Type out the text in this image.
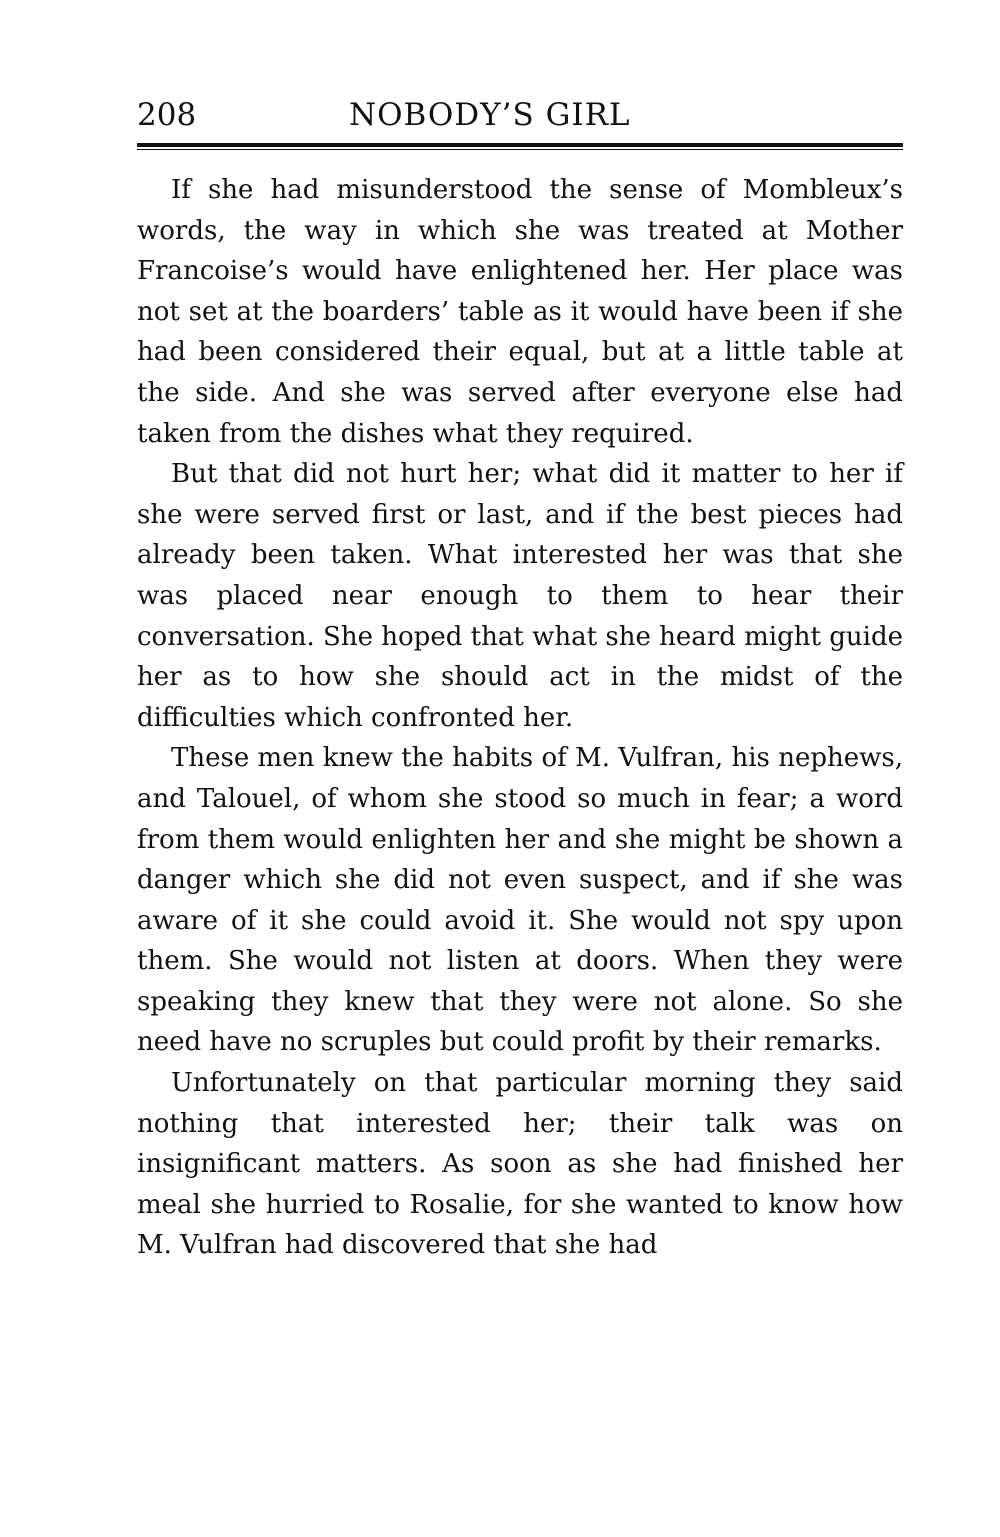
208	NOBODY’S GIRL

If she had misunderstood the sense of Mombleux’s words, the way in which she was treated at Mother Francoise’s would have enlightened her. Her place was not set at the boarders’ table as it would have been if she had been considered their equal, but at a little table at the side. And she was served after everyone else had taken from the dishes what they required.

But that did not hurt her; what did it matter to her if she were served first or last, and if the best pieces had already been taken. What interested her was that she was placed near enough to them to hear their conversation. She hoped that what she heard might guide her as to how she should act in the midst of the difficulties which confronted her.

These men knew the habits of M. Vulfran, his nephews, and Talouel, of whom she stood so much in fear; a word from them would enlighten her and she might be shown a danger which she did not even suspect, and if she was aware of it she could avoid it. She would not spy upon them. She would not listen at doors. When they were speaking they knew that they were not alone. So she need have no scruples but could profit by their remarks.

Unfortunately on that particular morning they said nothing that interested her; their talk was on insignificant matters. As soon as she had finished her meal she hurried to Rosalie, for she wanted to know how M. Vulfran had discovered that she had
